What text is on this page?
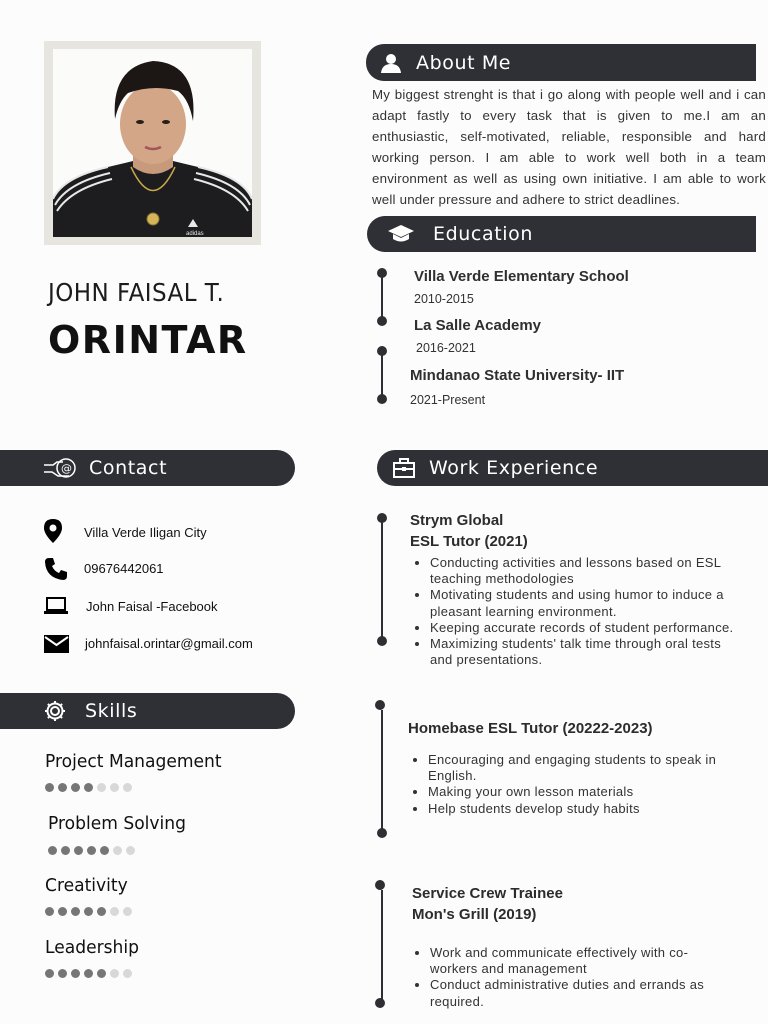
adidas
JOHN FAISAL T.
ORINTAR
About Me
My biggest strenght is that i go along with people well and i can adapt fastly to every task that is given to me.I am an enthusiastic, self-motivated, reliable, responsible and hard working person. I am able to work well both in a team environment as well as using own initiative. I am able to work well under pressure and adhere to strict deadlines.
Education
Villa Verde Elementary School
2010-2015
La Salle Academy
2016-2021
Mindanao State University- IIT
2021-Present
@ Contact
Villa Verde Iligan City
09676442061
John Faisal -Facebook
johnfaisal.orintar@gmail.com
Skills
Project Management
Problem Solving
Creativity
Leadership
Work Experience
Strym Global
ESL Tutor (2021)
• Conducting activities and lessons based on ESL teaching methodologies
• Motivating students and using humor to induce a pleasant learning environment.
• Keeping accurate records of student performance.
• Maximizing students' talk time through oral tests and presentations.
Homebase ESL Tutor (20222-2023)
• Encouraging and engaging students to speak in English.
• Making your own lesson materials
• Help students develop study habits
Service Crew Trainee
Mon's Grill (2019)
• Work and communicate effectively with co-workers and management
• Conduct administrative duties and errands as required.
